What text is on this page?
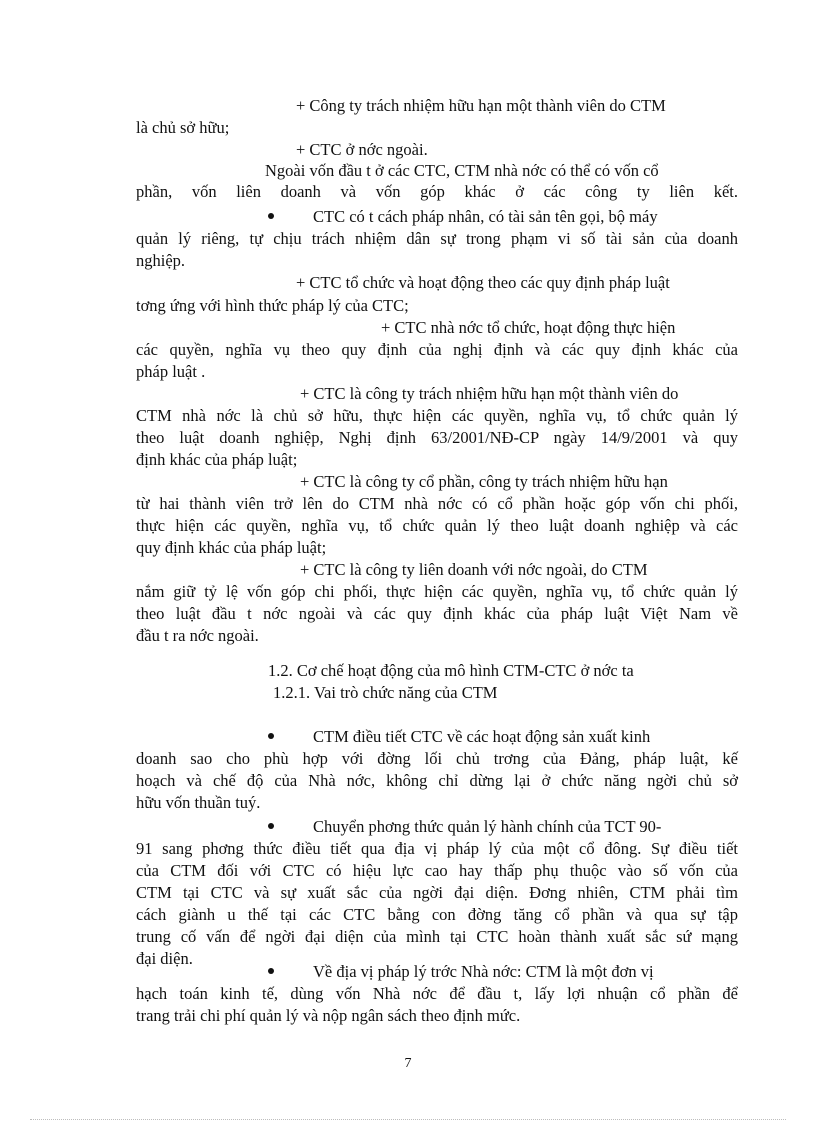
+ Công ty trách nhiệm hữu hạn một thành viên do CTM
là chủ sở hữu;
+ CTC ở nớc ngoài.
Ngoài vốn đầu t ở các CTC, CTM nhà nớc có thể có vốn cổ
phần, vốn liên doanh và vốn góp khác ở các công ty liên kết.
CTC có t cách pháp nhân, có tài sản tên gọi, bộ máy
quản lý riêng, tự chịu trách nhiệm dân sự trong phạm vi số tài sản của doanh
nghiệp.
+ CTC tổ chức và hoạt động theo các quy định pháp luật
tơng ứng với hình thức pháp lý của CTC;
+ CTC nhà nớc tổ chức, hoạt động thực hiện
các quyền, nghĩa vụ theo quy định của nghị định và các quy định khác của
pháp luật .
+ CTC là công ty trách nhiệm hữu hạn một thành viên do
CTM nhà nớc là chủ sở hữu, thực hiện các quyền, nghĩa vụ, tổ chức quản lý
theo luật doanh nghiệp, Nghị định 63/2001/NĐ-CP ngày 14/9/2001 và quy
định khác của pháp luật;
+ CTC là công ty cổ phần, công ty trách nhiệm hữu hạn
từ hai thành viên trở lên do CTM nhà nớc có cổ phần hoặc góp vốn chi phối,
thực hiện các quyền, nghĩa vụ, tổ chức quản lý theo luật doanh nghiệp và các
quy định khác của pháp luật;
+ CTC là công ty liên doanh với nớc ngoài, do CTM
nắm giữ tỷ lệ vốn góp chi phối, thực hiện các quyền, nghĩa vụ, tổ chức quản lý
theo luật đầu t nớc ngoài và các quy định khác của pháp luật Việt Nam về
đầu t ra nớc ngoài.
1.2. Cơ chế hoạt động của mô hình CTM-CTC ở nớc ta
1.2.1. Vai trò chức năng của CTM
CTM điều tiết CTC về các hoạt động sản xuất kinh
doanh sao cho phù hợp với đờng lối chủ trơng của Đảng, pháp luật, kế
hoạch và chế độ của Nhà nớc, không chỉ dừng lại ở chức năng ngời chủ sở
hữu vốn thuần tuý.
Chuyển phơng thức quản lý hành chính của TCT 90-
91 sang phơng thức điều tiết qua địa vị pháp lý của một cổ đông. Sự điều tiết
của CTM đối với CTC có hiệu lực cao hay thấp phụ thuộc vào số vốn của
CTM tại CTC và sự xuất sắc của ngời đại diện. Đơng nhiên, CTM phải tìm
cách giành u thế tại các CTC bằng con đờng tăng cổ phần và qua sự tập
trung cố vấn để ngời đại diện của mình tại CTC hoàn thành xuất sắc sứ mạng
đại diện.
Về địa vị pháp lý trớc Nhà nớc: CTM là một đơn vị
hạch toán kinh tế, dùng vốn Nhà nớc để đầu t, lấy lợi nhuận cổ phần để
trang trải chi phí quản lý và nộp ngân sách theo định mức.
7
